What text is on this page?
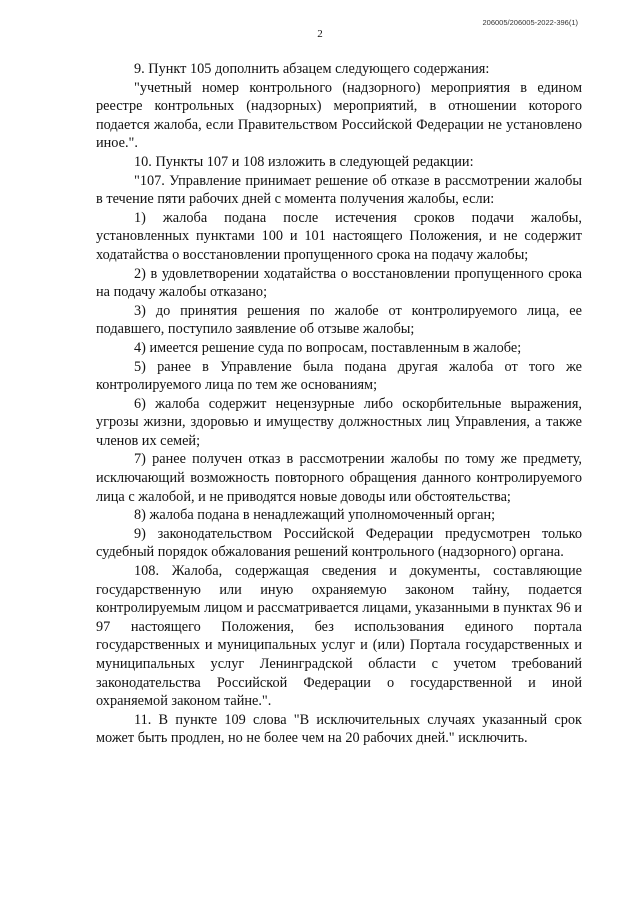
206005/206005-2022-396(1)
2

9. Пункт 105 дополнить абзацем следующего содержания:

"учетный номер контрольного (надзорного) мероприятия в едином реестре контрольных (надзорных) мероприятий, в отношении которого подается жалоба, если Правительством Российской Федерации не установлено иное.".

10. Пункты 107 и 108 изложить в следующей редакции:

"107. Управление принимает решение об отказе в рассмотрении жалобы в течение пяти рабочих дней с момента получения жалобы, если:

1) жалоба подана после истечения сроков подачи жалобы, установленных пунктами 100 и 101 настоящего Положения, и не содержит ходатайства о восстановлении пропущенного срока на подачу жалобы;

2) в удовлетворении ходатайства о восстановлении пропущенного срока на подачу жалобы отказано;

3) до принятия решения по жалобе от контролируемого лица, ее подавшего, поступило заявление об отзыве жалобы;

4) имеется решение суда по вопросам, поставленным в жалобе;

5) ранее в Управление была подана другая жалоба от того же контролируемого лица по тем же основаниям;

6) жалоба содержит нецензурные либо оскорбительные выражения, угрозы жизни, здоровью и имуществу должностных лиц Управления, а также членов их семей;

7) ранее получен отказ в рассмотрении жалобы по тому же предмету, исключающий возможность повторного обращения данного контролируемого лица с жалобой, и не приводятся новые доводы или обстоятельства;

8) жалоба подана в ненадлежащий уполномоченный орган;

9) законодательством Российской Федерации предусмотрен только судебный порядок обжалования решений контрольного (надзорного) органа.

108. Жалоба, содержащая сведения и документы, составляющие государственную или иную охраняемую законом тайну, подается контролируемым лицом и рассматривается лицами, указанными в пунктах 96 и 97 настоящего Положения, без использования единого портала государственных и муниципальных услуг и (или) Портала государственных и муниципальных услуг Ленинградской области с учетом требований законодательства Российской Федерации о государственной и иной охраняемой законом тайне.".

11. В пункте 109 слова "В исключительных случаях указанный срок может быть продлен, но не более чем на 20 рабочих дней." исключить.
